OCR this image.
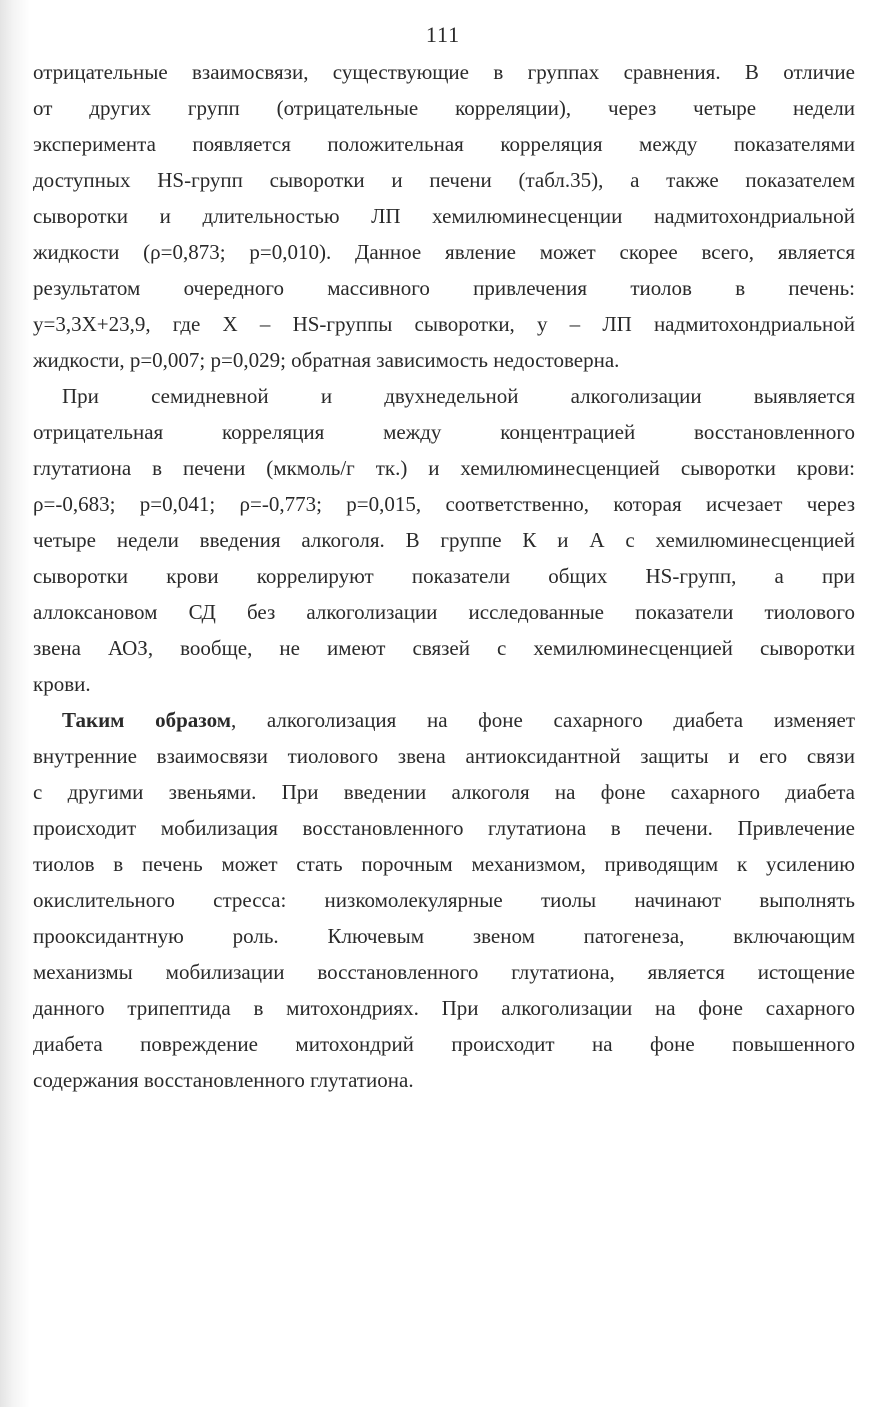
111
отрицательные взаимосвязи, существующие в группах сравнения. В отличие
от других групп (отрицательные корреляции), через четыре недели
эксперимента появляется положительная корреляция между показателями
доступных HS-групп сыворотки и печени (табл.35), а также показателем
сыворотки и длительностью ЛП хемилюминесценции надмитохондриальной
жидкости (ρ=0,873; p=0,010). Данное явление может скорее всего, является
результатом очередного массивного привлечения тиолов в печень:
y=3,3X+23,9, где X – HS-группы сыворотки, y – ЛП надмитохондриальной
жидкости, p=0,007; p=0,029; обратная зависимость недостоверна.
При семидневной и двухнедельной алкоголизации выявляется
отрицательная корреляция между концентрацией восстановленного
глутатиона в печени (мкмоль/г тк.) и хемилюминесценцией сыворотки крови:
ρ=-0,683; p=0,041; ρ=-0,773; p=0,015, соответственно, которая исчезает через
четыре недели введения алкоголя. В группе К и А с хемилюминесценцией
сыворотки крови коррелируют показатели общих HS-групп, а при
аллоксановом СД без алкоголизации исследованные показатели тиолового
звена АОЗ, вообще, не имеют связей с хемилюминесценцией сыворотки
крови.
Таким образом, алкоголизация на фоне сахарного диабета изменяет
внутренние взаимосвязи тиолового звена антиоксидантной защиты и его связи
с другими звеньями. При введении алкоголя на фоне сахарного диабета
происходит мобилизация восстановленного глутатиона в печени. Привлечение
тиолов в печень может стать порочным механизмом, приводящим к усилению
окислительного стресса: низкомолекулярные тиолы начинают выполнять
прооксидантную роль. Ключевым звеном патогенеза, включающим
механизмы мобилизации восстановленного глутатиона, является истощение
данного трипептида в митохондриях. При алкоголизации на фоне сахарного
диабета повреждение митохондрий происходит на фоне повышенного
содержания восстановленного глутатиона.
